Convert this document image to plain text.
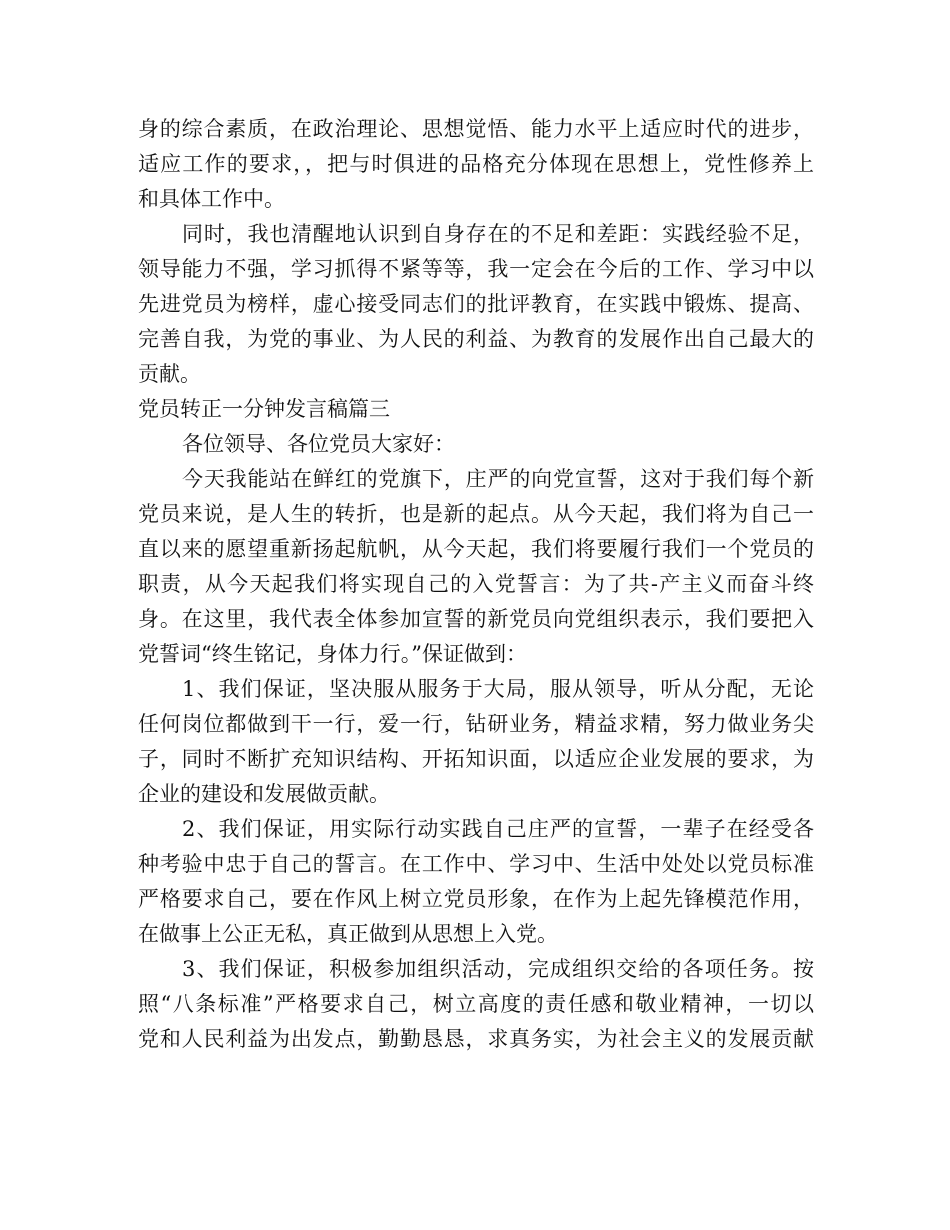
身的综合素质，在政治理论、思想觉悟、能力水平上适应时代的进步，
适应工作的要求，，把与时俱进的品格充分体现在思想上，党性修养上
和具体工作中。
同时，我也清醒地认识到自身存在的不足和差距：实践经验不足，
领导能力不强，学习抓得不紧等等，我一定会在今后的工作、学习中以
先进党员为榜样，虚心接受同志们的批评教育，在实践中锻炼、提高、
完善自我，为党的事业、为人民的利益、为教育的发展作出自己最大的
贡献。
党员转正一分钟发言稿篇三
各位领导、各位党员大家好：
今天我能站在鲜红的党旗下，庄严的向党宣誓，这对于我们每个新
党员来说，是人生的转折，也是新的起点。从今天起，我们将为自己一
直以来的愿望重新扬起航帆，从今天起，我们将要履行我们一个党员的
职责，从今天起我们将实现自己的入党誓言：为了共-产主义而奋斗终
身。在这里，我代表全体参加宣誓的新党员向党组织表示，我们要把入
党誓词“终生铭记，身体力行。”保证做到：
1、我们保证，坚决服从服务于大局，服从领导，听从分配，无论
任何岗位都做到干一行，爱一行，钻研业务，精益求精，努力做业务尖
子，同时不断扩充知识结构、开拓知识面，以适应企业发展的要求，为
企业的建设和发展做贡献。
2、我们保证，用实际行动实践自己庄严的宣誓，一辈子在经受各
种考验中忠于自己的誓言。在工作中、学习中、生活中处处以党员标准
严格要求自己，要在作风上树立党员形象，在作为上起先锋模范作用，
在做事上公正无私，真正做到从思想上入党。
3、我们保证，积极参加组织活动，完成组织交给的各项任务。按
照“八条标准”严格要求自己，树立高度的责任感和敬业精神，一切以
党和人民利益为出发点，勤勤恳恳，求真务实，为社会主义的发展贡献
